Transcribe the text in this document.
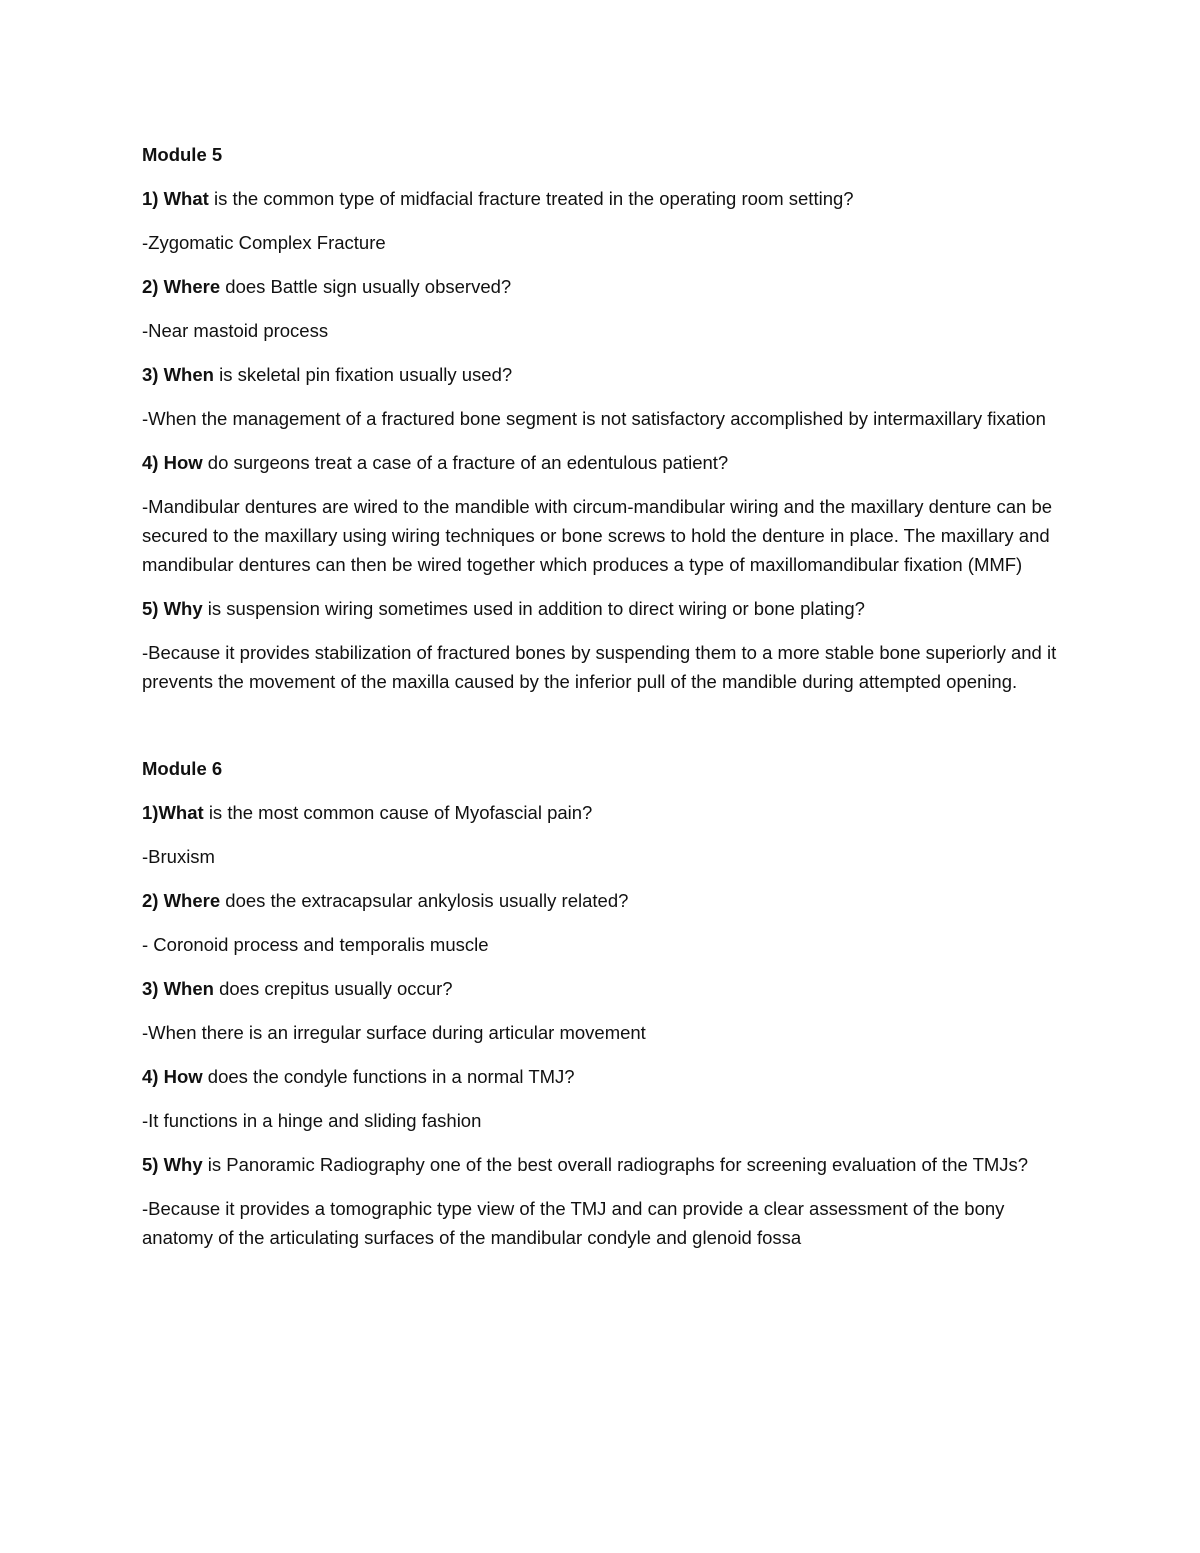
Module 5

1) What is the common type of midfacial fracture treated in the operating room setting?

-Zygomatic Complex Fracture

2) Where does Battle sign usually observed?

-Near mastoid process

3) When is skeletal pin fixation usually used?

-When the management of a fractured bone segment is not satisfactory accomplished by intermaxillary fixation

4) How do surgeons treat a case of a fracture of an edentulous patient?

-Mandibular dentures are wired to the mandible with circum-mandibular wiring and the maxillary denture can be secured to the maxillary using wiring techniques or bone screws to hold the denture in place. The maxillary and mandibular dentures can then be wired together which produces a type of maxillomandibular fixation (MMF)

5) Why is suspension wiring sometimes used in addition to direct wiring or bone plating?

-Because it provides stabilization of fractured bones by suspending them to a more stable bone superiorly and it prevents the movement of the maxilla caused by the inferior pull of the mandible during attempted opening.

Module 6

1)What is the most common cause of Myofascial pain?

-Bruxism

2) Where does the extracapsular ankylosis usually related?

- Coronoid process and temporalis muscle

3) When does crepitus usually occur?

-When there is an irregular surface during articular movement

4) How does the condyle functions in a normal TMJ?

-It functions in a hinge and sliding fashion

5) Why is Panoramic Radiography one of the best overall radiographs for screening evaluation of the TMJs?

-Because it provides a tomographic type view of the TMJ and can provide a clear assessment of the bony anatomy of the articulating surfaces of the mandibular condyle and glenoid fossa
